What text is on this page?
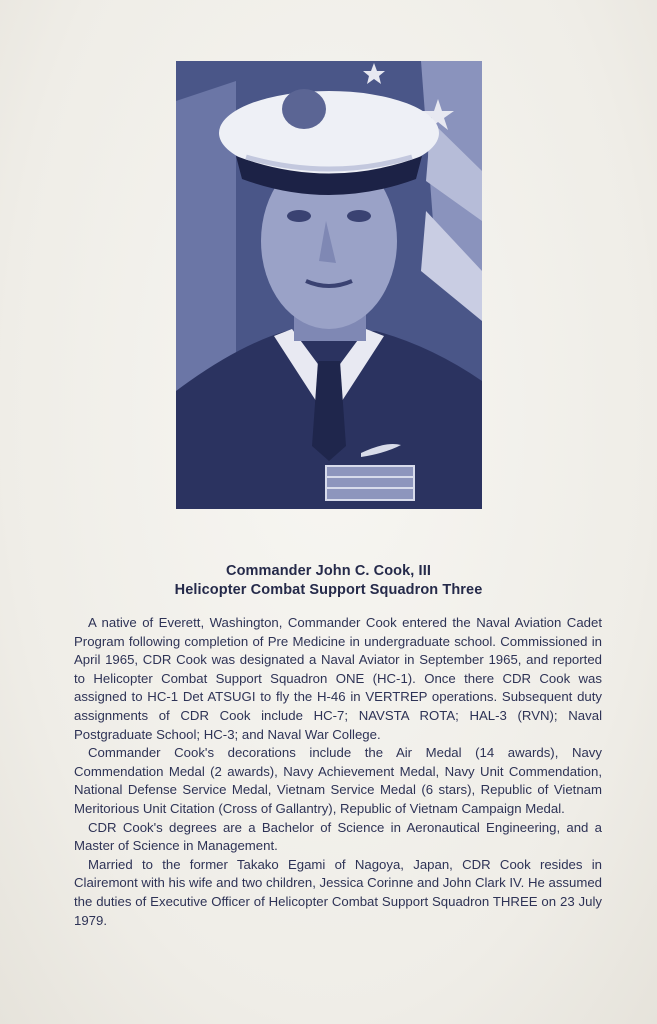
Commander John C. Cook, III
Helicopter Combat Support Squadron Three

A native of Everett, Washington, Commander Cook entered the Naval Aviation Cadet Program following completion of Pre Medicine in undergraduate school. Commissioned in April 1965, CDR Cook was designated a Naval Aviator in September 1965, and reported to Helicopter Combat Support Squadron ONE (HC-1). Once there CDR Cook was assigned to HC-1 Det ATSUGI to fly the H-46 in VERTREP operations. Subsequent duty assignments of CDR Cook include HC-7; NAVSTA ROTA; HAL-3 (RVN); Naval Postgraduate School; HC-3; and Naval War College.

Commander Cook's decorations include the Air Medal (14 awards), Navy Commendation Medal (2 awards), Navy Achievement Medal, Navy Unit Commendation, National Defense Service Medal, Vietnam Service Medal (6 stars), Republic of Vietnam Meritorious Unit Citation (Cross of Gallantry), Republic of Vietnam Campaign Medal.

CDR Cook's degrees are a Bachelor of Science in Aeronautical Engineering, and a Master of Science in Management.

Married to the former Takako Egami of Nagoya, Japan, CDR Cook resides in Clairemont with his wife and two children, Jessica Corinne and John Clark IV. He assumed the duties of Executive Officer of Helicopter Combat Support Squadron THREE on 23 July 1979.
